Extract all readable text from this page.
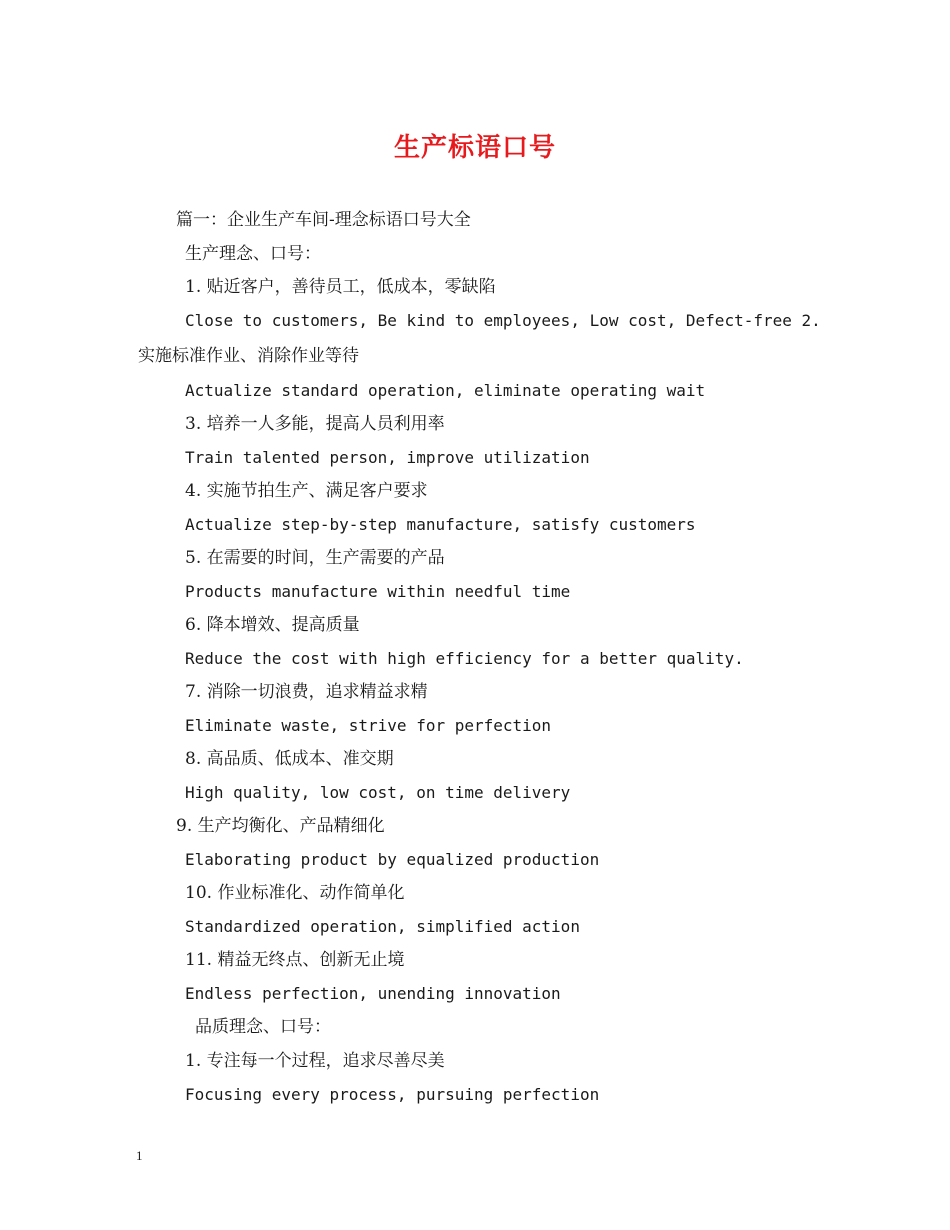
生产标语口号
篇一：企业生产车间-理念标语口号大全
生产理念、口号：
1. 贴近客户，善待员工，低成本，零缺陷
Close to customers, Be kind to employees, Low cost, Defect-free 2.
实施标准作业、消除作业等待
Actualize standard operation, eliminate operating wait
3. 培养一人多能，提高人员利用率
Train talented person, improve utilization
4. 实施节拍生产、满足客户要求
Actualize step-by-step manufacture, satisfy customers
5. 在需要的时间，生产需要的产品
Products manufacture within needful time
6. 降本增效、提高质量
Reduce the cost with high efficiency for a better quality.
7. 消除一切浪费，追求精益求精
Eliminate waste, strive for perfection
8. 高品质、低成本、准交期
High quality, low cost, on time delivery
9. 生产均衡化、产品精细化
Elaborating product by equalized production
10. 作业标准化、动作简单化
Standardized operation, simplified action
11. 精益无终点、创新无止境
Endless perfection, unending innovation
品质理念、口号：
1. 专注每一个过程，追求尽善尽美
Focusing every process, pursuing perfection
1
